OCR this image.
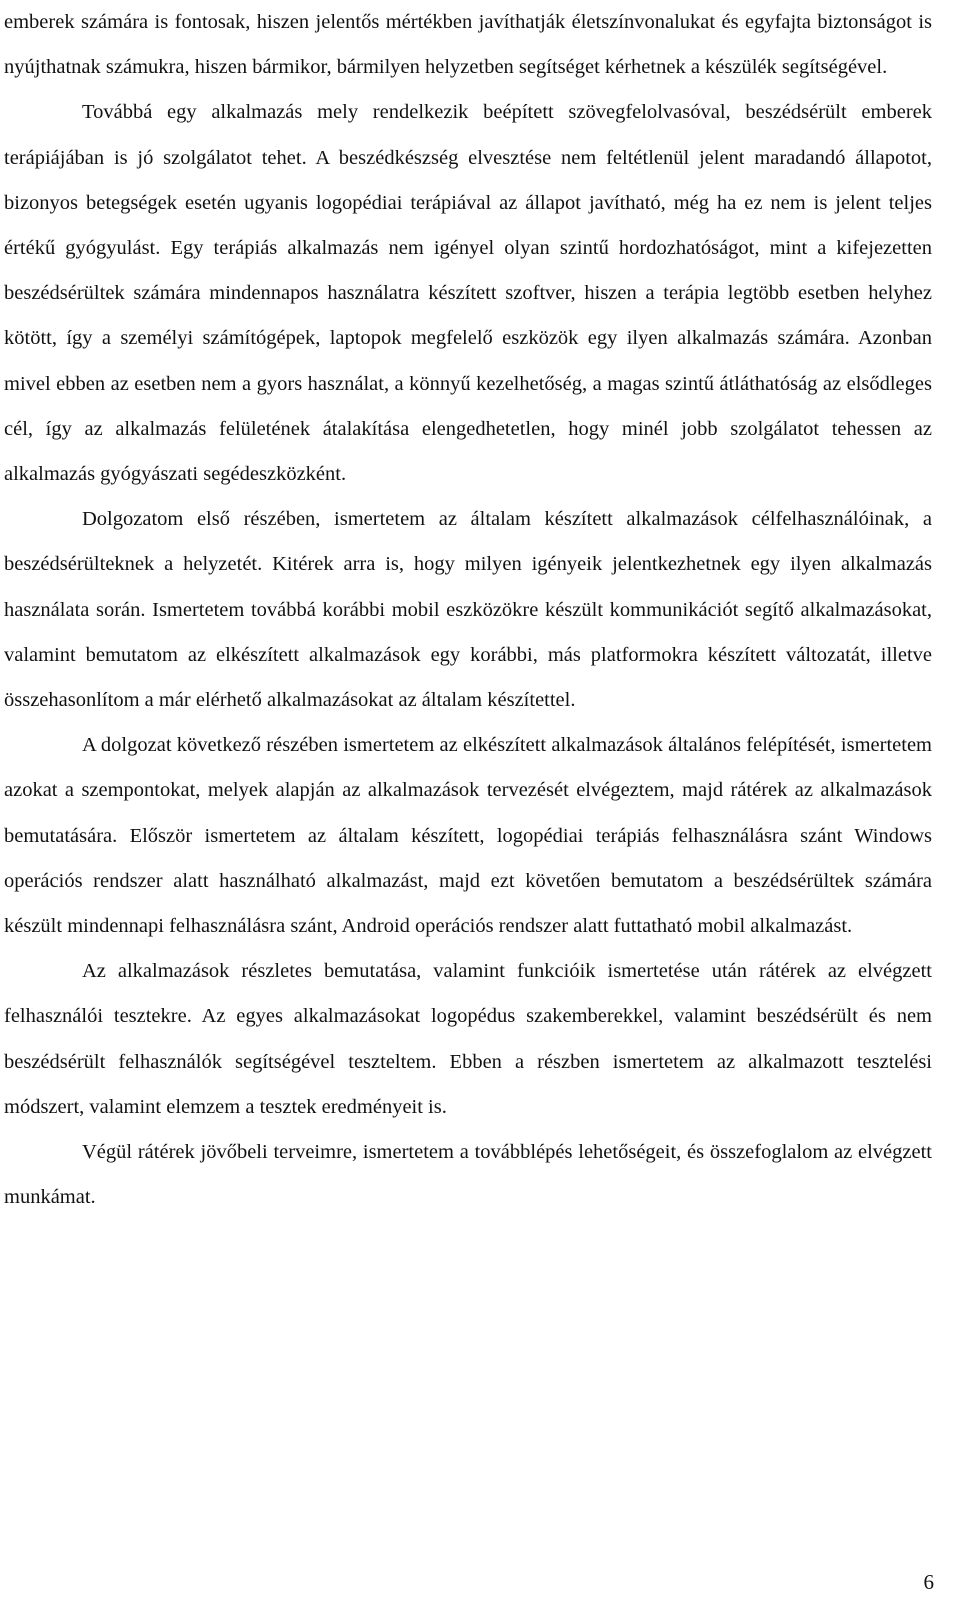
emberek számára is fontosak, hiszen jelentős mértékben javíthatják életszínvonalukat és egyfajta biztonságot is nyújthatnak számukra, hiszen bármikor, bármilyen helyzetben segítséget kérhetnek a készülék segítségével.

Továbbá egy alkalmazás mely rendelkezik beépített szövegfelolvasóval, beszédsérült emberek terápiájában is jó szolgálatot tehet. A beszédkészség elvesztése nem feltétlenül jelent maradandó állapotot, bizonyos betegségek esetén ugyanis logopédiai terápiával az állapot javítható, még ha ez nem is jelent teljes értékű gyógyulást. Egy terápiás alkalmazás nem igényel olyan szintű hordozhatóságot, mint a kifejezetten beszédsérültek számára mindennapos használatra készített szoftver, hiszen a terápia legtöbb esetben helyhez kötött, így a személyi számítógépek, laptopok megfelelő eszközök egy ilyen alkalmazás számára. Azonban mivel ebben az esetben nem a gyors használat, a könnyű kezelhetőség, a magas szintű átláthatóság az elsődleges cél, így az alkalmazás felületének átalakítása elengedhetetlen, hogy minél jobb szolgálatot tehessen az alkalmazás gyógyászati segédeszközként.

Dolgozatom első részében, ismertetem az általam készített alkalmazások célfelhasználóinak, a beszédsérülteknek a helyzetét. Kitérek arra is, hogy milyen igényeik jelentkezhetnek egy ilyen alkalmazás használata során. Ismertetem továbbá korábbi mobil eszközökre készült kommunikációt segítő alkalmazásokat, valamint bemutatom az elkészített alkalmazások egy korábbi, más platformokra készített változatát, illetve összehasonlítom a már elérhető alkalmazásokat az általam készítettel.

A dolgozat következő részében ismertetem az elkészített alkalmazások általános felépítését, ismertetem azokat a szempontokat, melyek alapján az alkalmazások tervezését elvégeztem, majd rátérek az alkalmazások bemutatására. Először ismertetem az általam készített, logopédiai terápiás felhasználásra szánt Windows operációs rendszer alatt használható alkalmazást, majd ezt követően bemutatom a beszédsérültek számára készült mindennapi felhasználásra szánt, Android operációs rendszer alatt futtatható mobil alkalmazást.

Az alkalmazások részletes bemutatása, valamint funkcióik ismertetése után rátérek az elvégzett felhasználói tesztekre. Az egyes alkalmazásokat logopédus szakemberekkel, valamint beszédsérült és nem beszédsérült felhasználók segítségével teszteltem. Ebben a részben ismertetem az alkalmazott tesztelési módszert, valamint elemzem a tesztek eredményeit is.

Végül rátérek jövőbeli terveimre, ismertetem a továbblépés lehetőségeit, és összefoglalom az elvégzett munkámat.

6
